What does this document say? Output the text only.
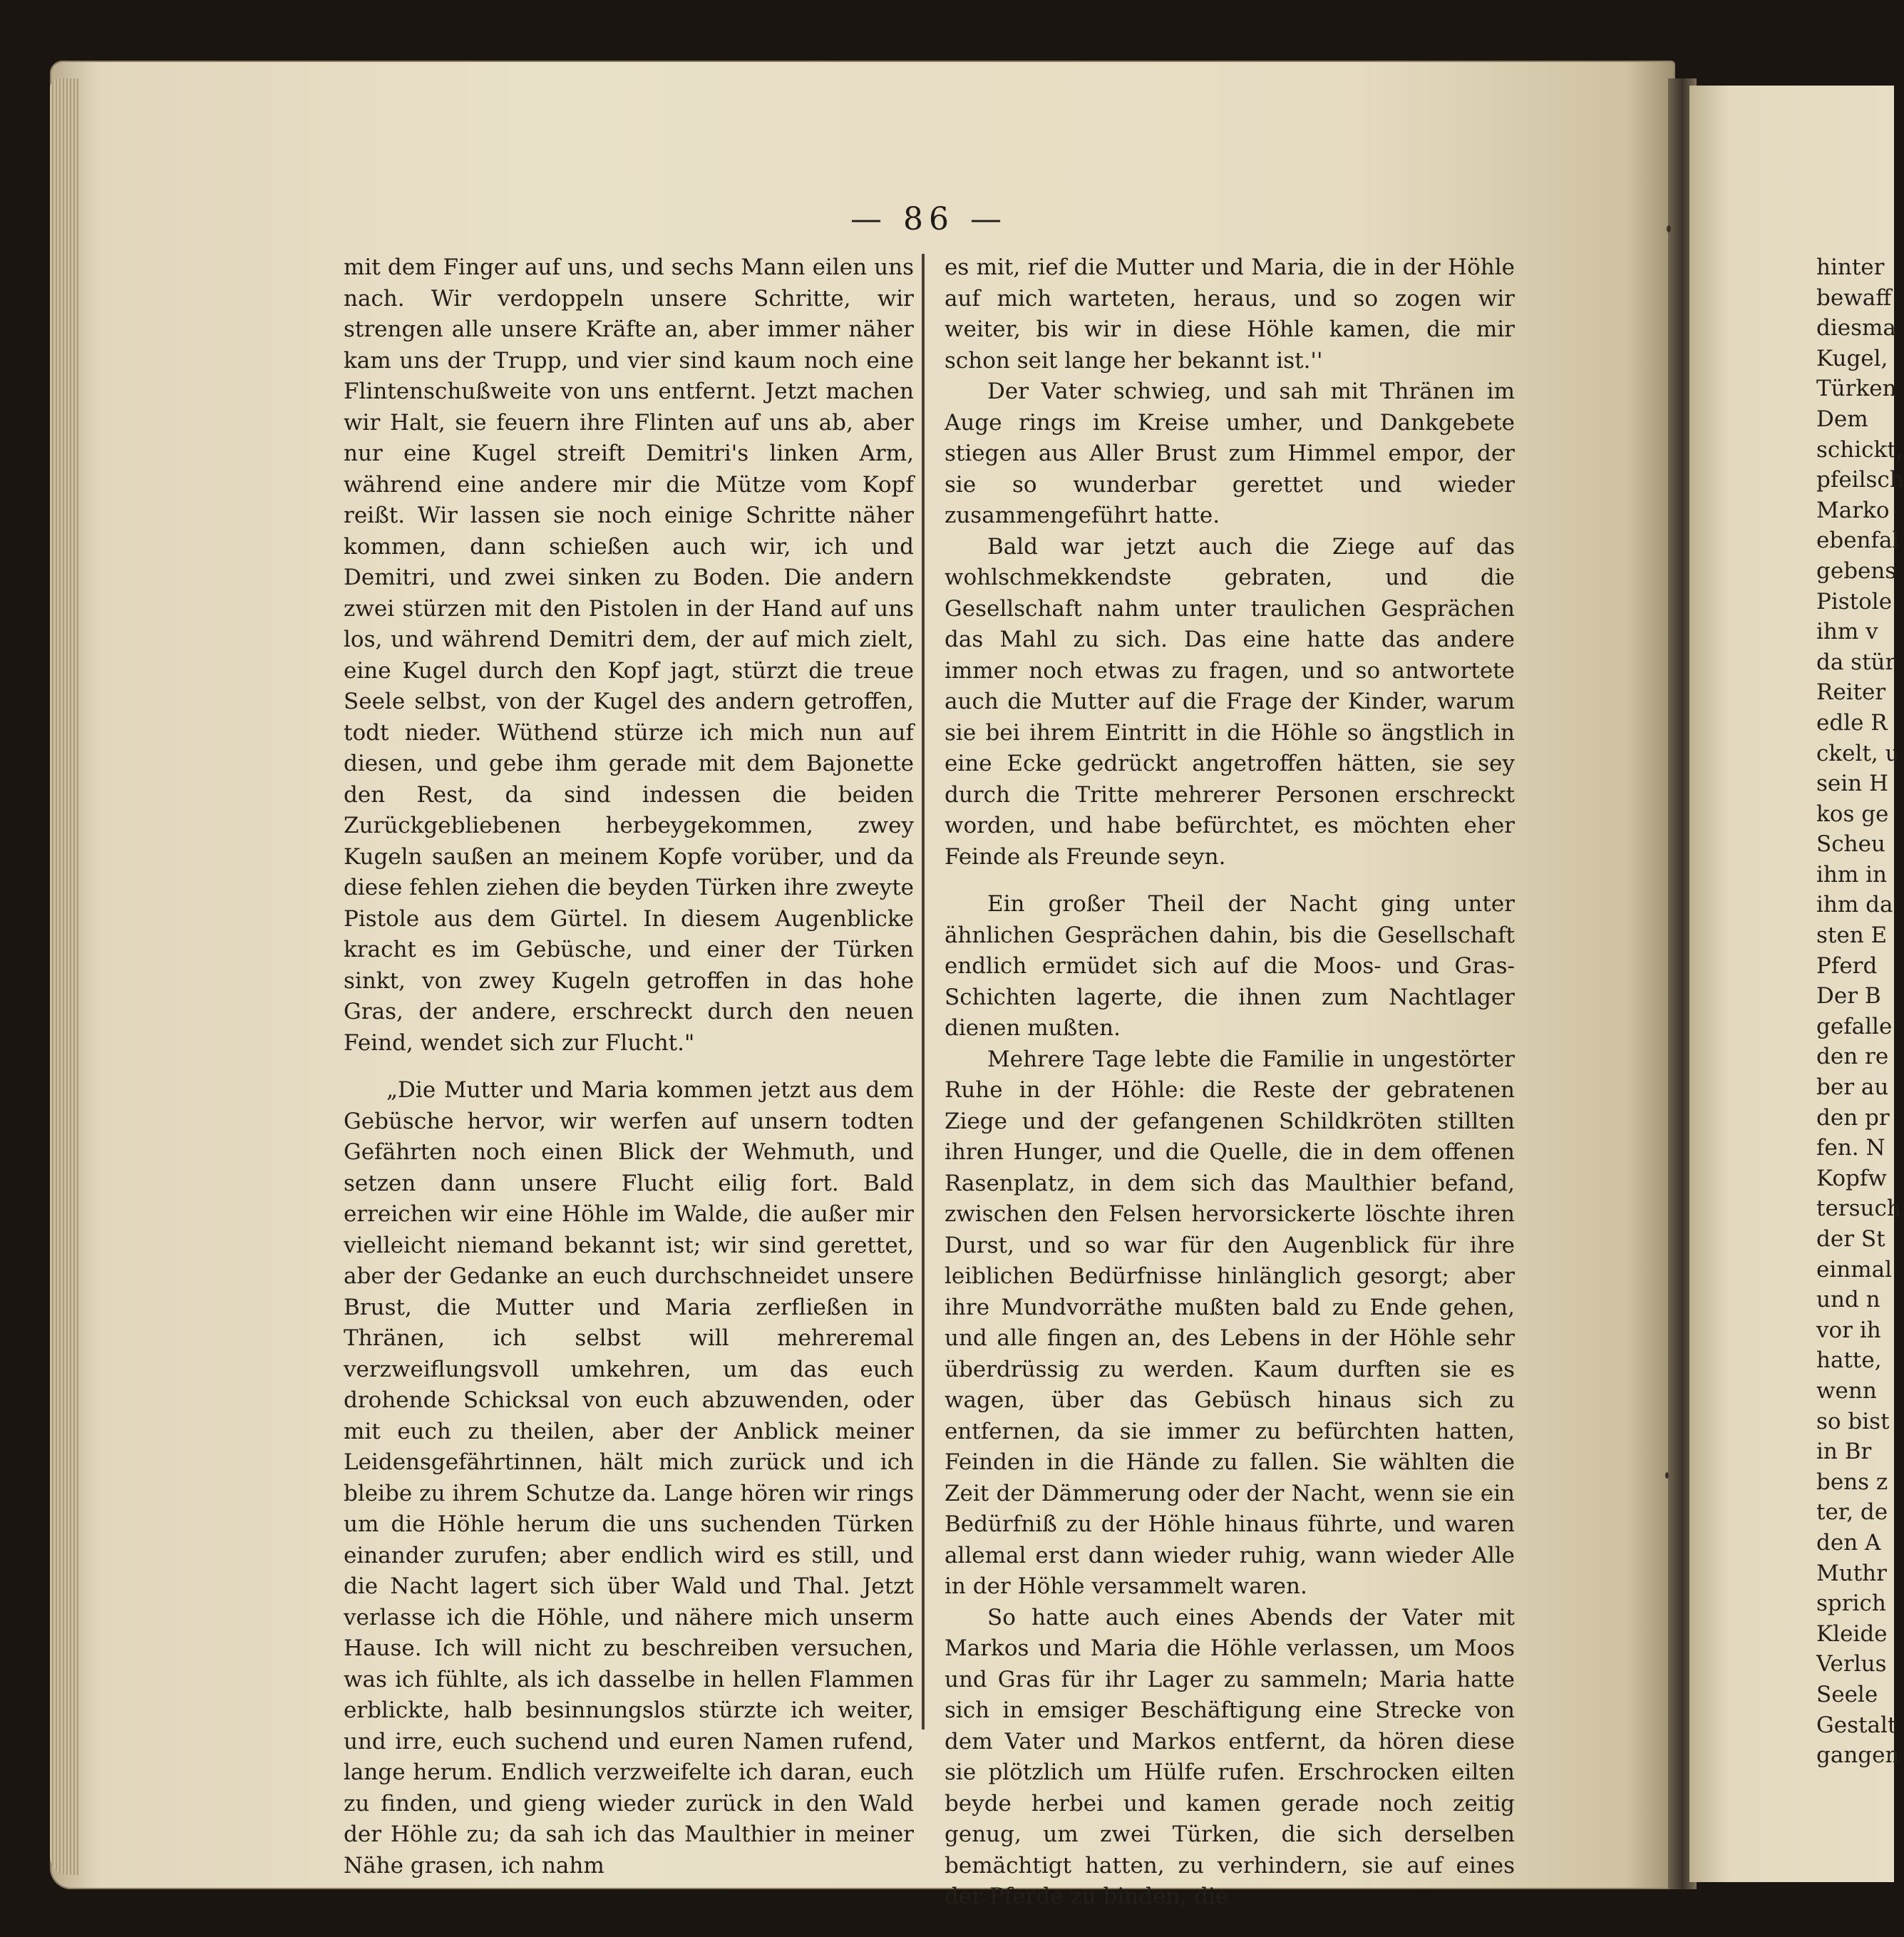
— 86 —

mit dem Finger auf uns, und sechs Mann eilen uns nach. Wir verdoppeln unsere Schritte, wir strengen alle unsere Kräfte an, aber immer näher kam uns der Trupp, und vier sind kaum noch eine Flintenschußweite von uns entfernt. Jetzt machen wir Halt, sie feuern ihre Flinten auf uns ab, aber nur eine Kugel streift Demitri's linken Arm, während eine andere mir die Mütze vom Kopf reißt. Wir lassen sie noch einige Schritte näher kommen, dann schießen auch wir, ich und Demitri, und zwei sinken zu Boden. Die andern zwei stürzen mit den Pistolen in der Hand auf uns los, und während Demitri dem, der auf mich zielt, eine Kugel durch den Kopf jagt, stürzt die treue Seele selbst, von der Kugel des andern getroffen, todt nieder. Wüthend stürze ich mich nun auf diesen, und gebe ihm gerade mit dem Bajonette den Rest, da sind indessen die beiden Zurückgebliebenen herbeygekommen, zwey Kugeln saußen an meinem Kopfe vorüber, und da diese fehlen ziehen die beyden Türken ihre zweyte Pistole aus dem Gürtel. In diesem Augenblicke kracht es im Gebüsche, und einer der Türken sinkt, von zwey Kugeln getroffen in das hohe Gras, der andere, erschreckt durch den neuen Feind, wendet sich zur Flucht."

„Die Mutter und Maria kommen jetzt aus dem Gebüsche hervor, wir werfen auf unsern todten Gefährten noch einen Blick der Wehmuth, und setzen dann unsere Flucht eilig fort. Bald erreichen wir eine Höhle im Walde, die außer mir vielleicht niemand bekannt ist; wir sind gerettet, aber der Gedanke an euch durchschneidet unsere Brust, die Mutter und Maria zerfließen in Thränen, ich selbst will mehreremal verzweiflungsvoll umkehren, um das euch drohende Schicksal von euch abzuwenden, oder mit euch zu theilen, aber der Anblick meiner Leidensgefährtinnen, hält mich zurück und ich bleibe zu ihrem Schutze da. Lange hören wir rings um die Höhle herum die uns suchenden Türken einander zurufen; aber endlich wird es still, und die Nacht lagert sich über Wald und Thal. Jetzt verlasse ich die Höhle, und nähere mich unserm Hause. Ich will nicht zu beschreiben versuchen, was ich fühlte, als ich dasselbe in hellen Flammen erblickte, halb besinnungslos stürzte ich weiter, und irre, euch suchend und euren Namen rufend, lange herum. Endlich verzweifelte ich daran, euch zu finden, und gieng wieder zurück in den Wald der Höhle zu; da sah ich das Maulthier in meiner Nähe grasen, ich nahm

es mit, rief die Mutter und Maria, die in der Höhle auf mich warteten, heraus, und so zogen wir weiter, bis wir in diese Höhle kamen, die mir schon seit lange her bekannt ist.''

Der Vater schwieg, und sah mit Thränen im Auge rings im Kreise umher, und Dankgebete stiegen aus Aller Brust zum Himmel empor, der sie so wunderbar gerettet und wieder zusammengeführt hatte.

Bald war jetzt auch die Ziege auf das wohlschmekkendste gebraten, und die Gesellschaft nahm unter traulichen Gesprächen das Mahl zu sich. Das eine hatte das andere immer noch etwas zu fragen, und so antwortete auch die Mutter auf die Frage der Kinder, warum sie bei ihrem Eintritt in die Höhle so ängstlich in eine Ecke gedrückt angetroffen hätten, sie sey durch die Tritte mehrerer Personen erschreckt worden, und habe befürchtet, es möchten eher Feinde als Freunde seyn.

Ein großer Theil der Nacht ging unter ähnlichen Gesprächen dahin, bis die Gesellschaft endlich ermüdet sich auf die Moos- und Gras-Schichten lagerte, die ihnen zum Nachtlager dienen mußten.

Mehrere Tage lebte die Familie in ungestörter Ruhe in der Höhle: die Reste der gebratenen Ziege und der gefangenen Schildkröten stillten ihren Hunger, und die Quelle, die in dem offenen Rasenplatz, in dem sich das Maulthier befand, zwischen den Felsen hervorsickerte löschte ihren Durst, und so war für den Augenblick für ihre leiblichen Bedürfnisse hinlänglich gesorgt; aber ihre Mundvorräthe mußten bald zu Ende gehen, und alle fingen an, des Lebens in der Höhle sehr überdrüssig zu werden. Kaum durften sie es wagen, über das Gebüsch hinaus sich zu entfernen, da sie immer zu befürchten hatten, Feinden in die Hände zu fallen. Sie wählten die Zeit der Dämmerung oder der Nacht, wenn sie ein Bedürfniß zu der Höhle hinaus führte, und waren allemal erst dann wieder ruhig, wann wieder Alle in der Höhle versammelt waren.

So hatte auch eines Abends der Vater mit Markos und Maria die Höhle verlassen, um Moos und Gras für ihr Lager zu sammeln; Maria hatte sich in emsiger Beschäftigung eine Strecke von dem Vater und Markos entfernt, da hören diese sie plötzlich um Hülfe rufen. Erschrocken eilten beyde herbei und kamen gerade noch zeitig genug, um zwei Türken, die sich derselben bemächtigt hatten, zu verhindern, sie auf eines der Pferde zu binden, die

hinter
bewaff
diesma
Kugel,
Türken
Dem
schickt,
pfeilsch
Marko
ebenfal
gebens
Pistole
ihm v
da stür
Reiter
edle R
ckelt, u
sein H
kos ge
Scheu
ihm in
ihm da
sten E
Pferd
Der B
gefalle
den re
ber au
den pr
fen. N
Kopfw
tersuch
der St
einmal
und n
vor ih
hatte,
wenn
so bist
in Br
bens z
ter, de
den A
Muthr
sprich
Kleide
Verlus
Seele
Gestalt
gangen
